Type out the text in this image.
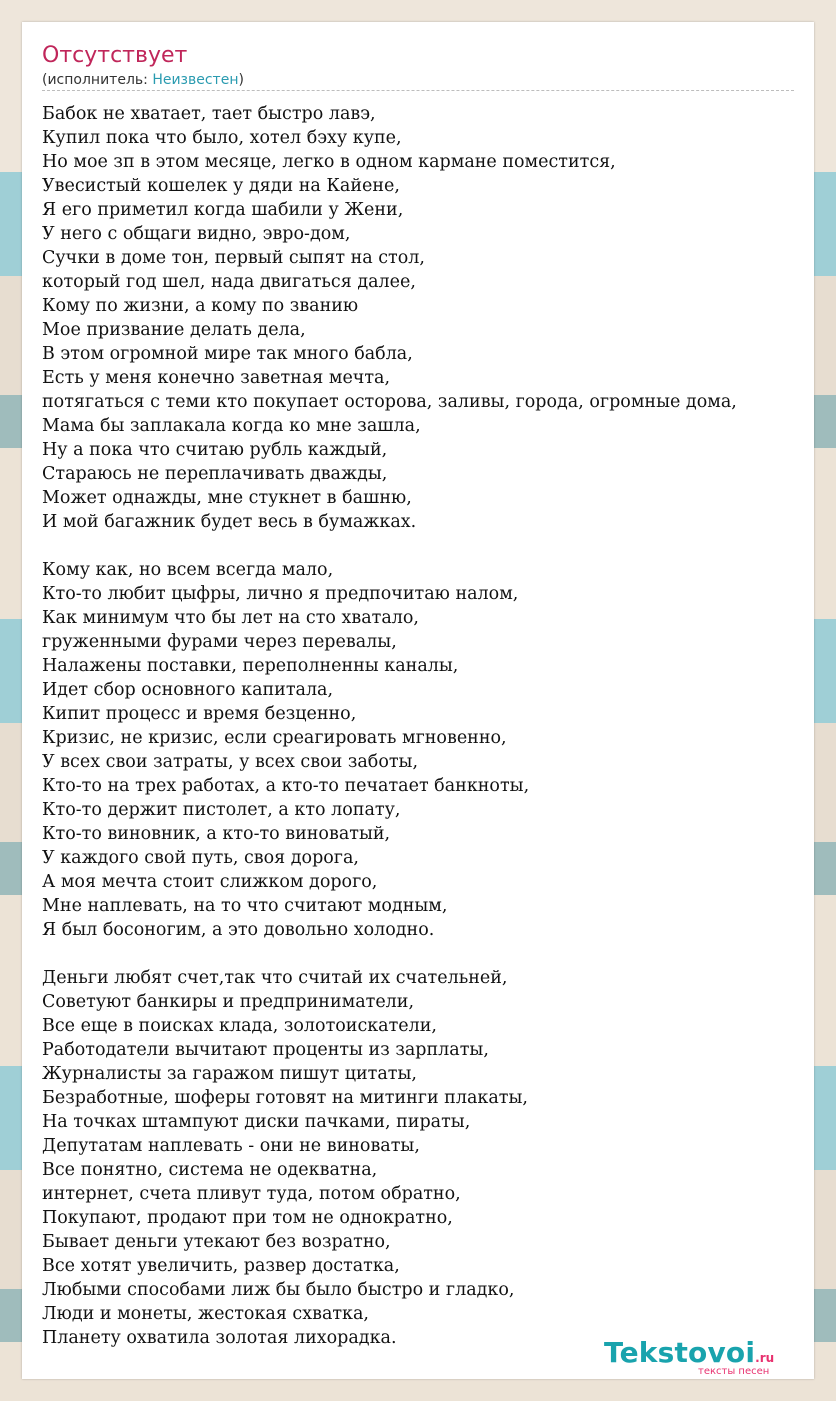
Отсутствует
(исполнитель: Неизвестен)
Бабок не хватает, тает быстро лавэ,
Купил пока что было, хотел бэху купе,
Но мое зп в этом месяце, легко в одном кармане поместится,
Увесистый кошелек у дяди на Кайене,
Я его приметил когда шабили у Жени,
У него с общаги видно, эвро-дом,
Сучки в доме тон, первый сыпят на стол,
который год шел, нада двигаться далее,
Кому по жизни, а кому по званию
Мое призвание делать дела,
В этом огромной мире так много бабла,
Есть у меня конечно заветная мечта,
потягаться с теми кто покупает осторова, заливы, города, огромные дома,
Мама бы заплакала когда ко мне зашла,
Ну а пока что считаю рубль каждый,
Стараюсь не переплачивать дважды,
Может однажды, мне стукнет в башню,
И мой багажник будет весь в бумажках.
Кому как, но всем всегда мало,
Кто-то любит цыфры, лично я предпочитаю налом,
Как минимум что бы лет на сто хватало,
груженными фурами через перевалы,
Налажены поставки, переполненны каналы,
Идет сбор основного капитала,
Кипит процесс и время безценно,
Кризис, не кризис, если среагировать мгновенно,
У всех свои затраты, у всех свои заботы,
Кто-то на трех работах, а кто-то печатает банкноты,
Кто-то держит пистолет, а кто лопату,
Кто-то виновник, а кто-то виноватый,
У каждого свой путь, своя дорога,
А моя мечта стоит слижком дорого,
Мне наплевать, на то что считают модным,
Я был босоногим, а это довольно холодно.
Деньги любят счет,так что считай их счательней,
Советуют банкиры и предприниматели,
Все еще в поисках клада, золотоискатели,
Работодатели вычитают проценты из зарплаты,
Журналисты за гаражом пишут цитаты,
Безработные, шоферы готовят на митинги плакаты,
На точках штампуют диски пачками, пираты,
Депутатам наплевать - они не виноваты,
Все понятно, система не одекватна,
интернет, счета пливут туда, потом обратно,
Покупают, продают при том не однократно,
Бывает деньги утекают без возратно,
Все хотят увеличить, развер достатка,
Любыми способами лиж бы было быстро и гладко,
Люди и монеты, жестокая схватка,
Планету охватила золотая лихорадка.	Tekstovoi.ru
тексты песен
